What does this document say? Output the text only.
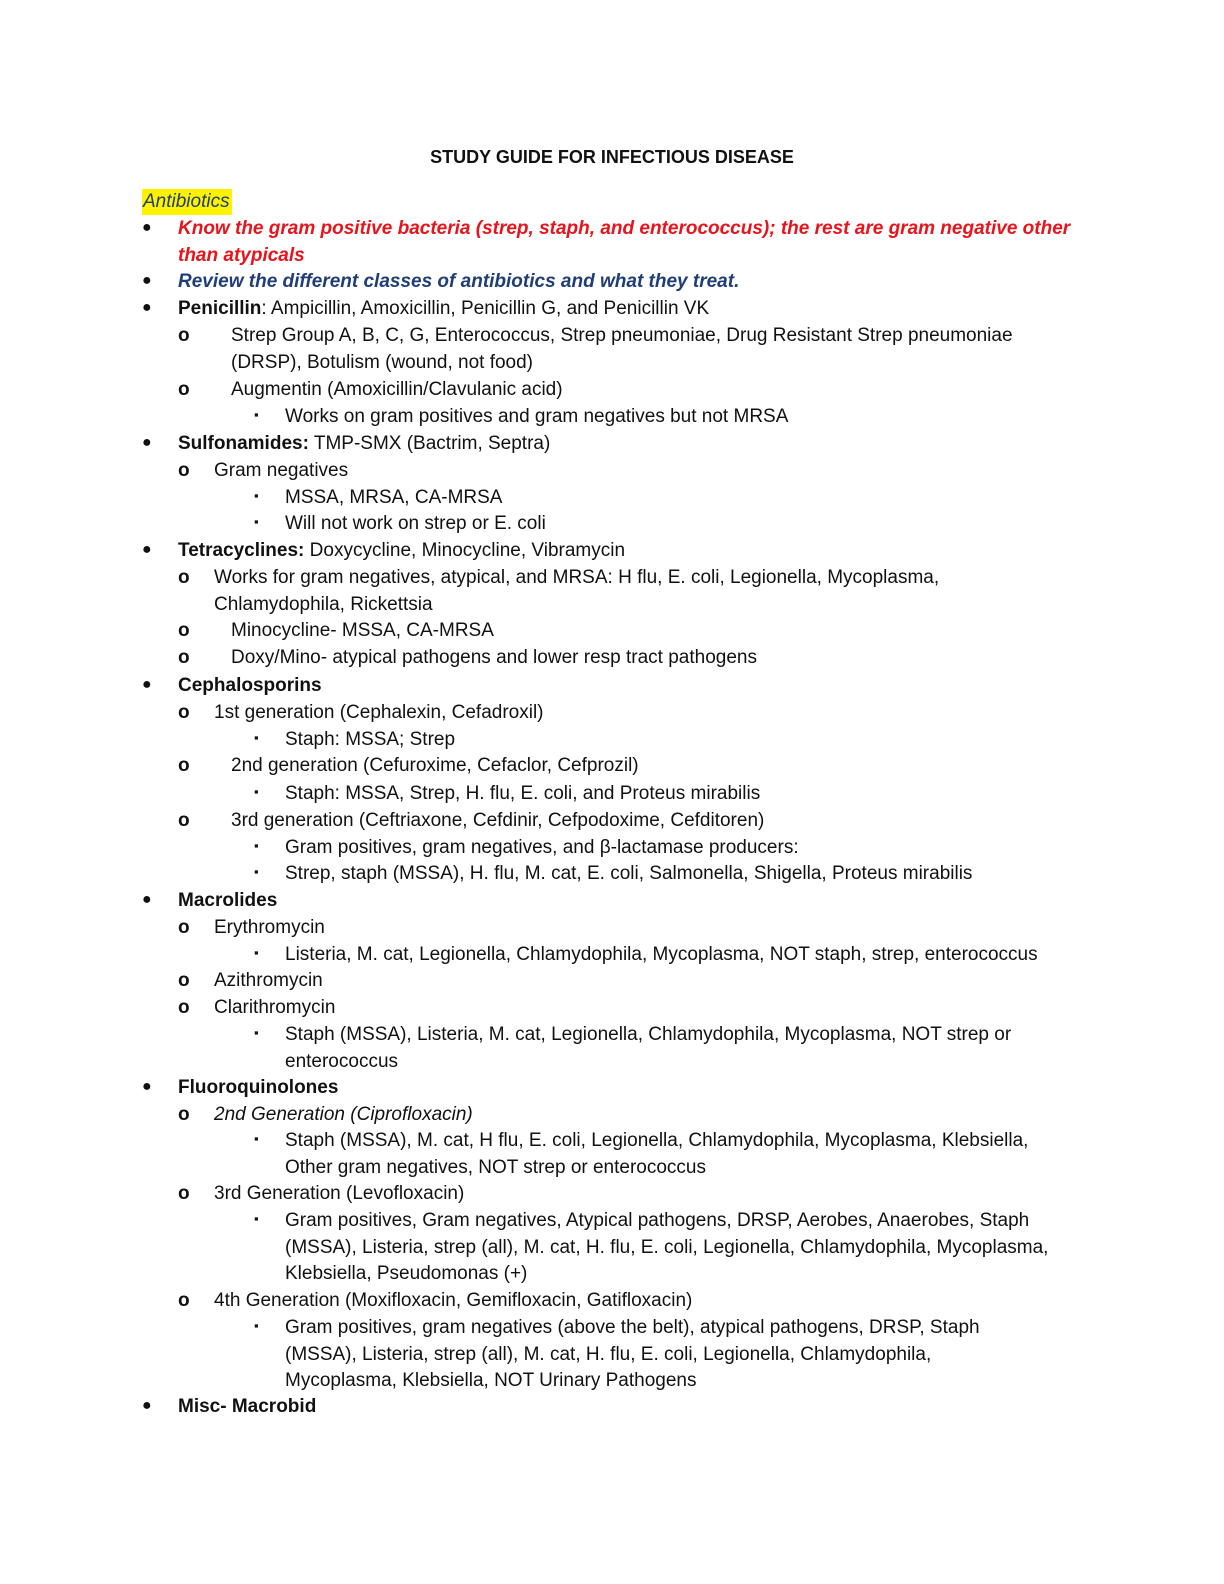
STUDY GUIDE FOR INFECTIOUS DISEASE
Antibiotics
● Know the gram positive bacteria (strep, staph, and enterococcus); the rest are gram negative other than atypicals
● Review the different classes of antibiotics and what they treat.
● Penicillin: Ampicillin, Amoxicillin, Penicillin G, and Penicillin VK
o Strep Group A, B, C, G, Enterococcus, Strep pneumoniae, Drug Resistant Strep pneumoniae (DRSP), Botulism (wound, not food)
o Augmentin (Amoxicillin/Clavulanic acid)
▪ Works on gram positives and gram negatives but not MRSA
● Sulfonamides: TMP-SMX (Bactrim, Septra)
o Gram negatives
▪ MSSA, MRSA, CA-MRSA
▪ Will not work on strep or E. coli
● Tetracyclines: Doxycycline, Minocycline, Vibramycin
o Works for gram negatives, atypical, and MRSA: H flu, E. coli, Legionella, Mycoplasma, Chlamydophila, Rickettsia
o Minocycline- MSSA, CA-MRSA
o Doxy/Mino- atypical pathogens and lower resp tract pathogens
● Cephalosporins
o 1st generation (Cephalexin, Cefadroxil)
▪ Staph: MSSA; Strep
o 2nd generation (Cefuroxime, Cefaclor, Cefprozil)
▪ Staph: MSSA, Strep, H. flu, E. coli, and Proteus mirabilis
o 3rd generation (Ceftriaxone, Cefdinir, Cefpodoxime, Cefditoren)
▪ Gram positives, gram negatives, and β-lactamase producers:
▪ Strep, staph (MSSA), H. flu, M. cat, E. coli, Salmonella, Shigella, Proteus mirabilis
● Macrolides
o Erythromycin
▪ Listeria, M. cat, Legionella, Chlamydophila, Mycoplasma, NOT staph, strep, enterococcus
o Azithromycin
o Clarithromycin
▪ Staph (MSSA), Listeria, M. cat, Legionella, Chlamydophila, Mycoplasma, NOT strep or enterococcus
● Fluoroquinolones
o 2nd Generation (Ciprofloxacin)
▪ Staph (MSSA), M. cat, H flu, E. coli, Legionella, Chlamydophila, Mycoplasma, Klebsiella, Other gram negatives, NOT strep or enterococcus
o 3rd Generation (Levofloxacin)
▪ Gram positives, Gram negatives, Atypical pathogens, DRSP, Aerobes, Anaerobes, Staph (MSSA), Listeria, strep (all), M. cat, H. flu, E. coli, Legionella, Chlamydophila, Mycoplasma, Klebsiella, Pseudomonas (+)
o 4th Generation (Moxifloxacin, Gemifloxacin, Gatifloxacin)
▪ Gram positives, gram negatives (above the belt), atypical pathogens, DRSP, Staph (MSSA), Listeria, strep (all), M. cat, H. flu, E. coli, Legionella, Chlamydophila, Mycoplasma, Klebsiella, NOT Urinary Pathogens
● Misc- Macrobid
